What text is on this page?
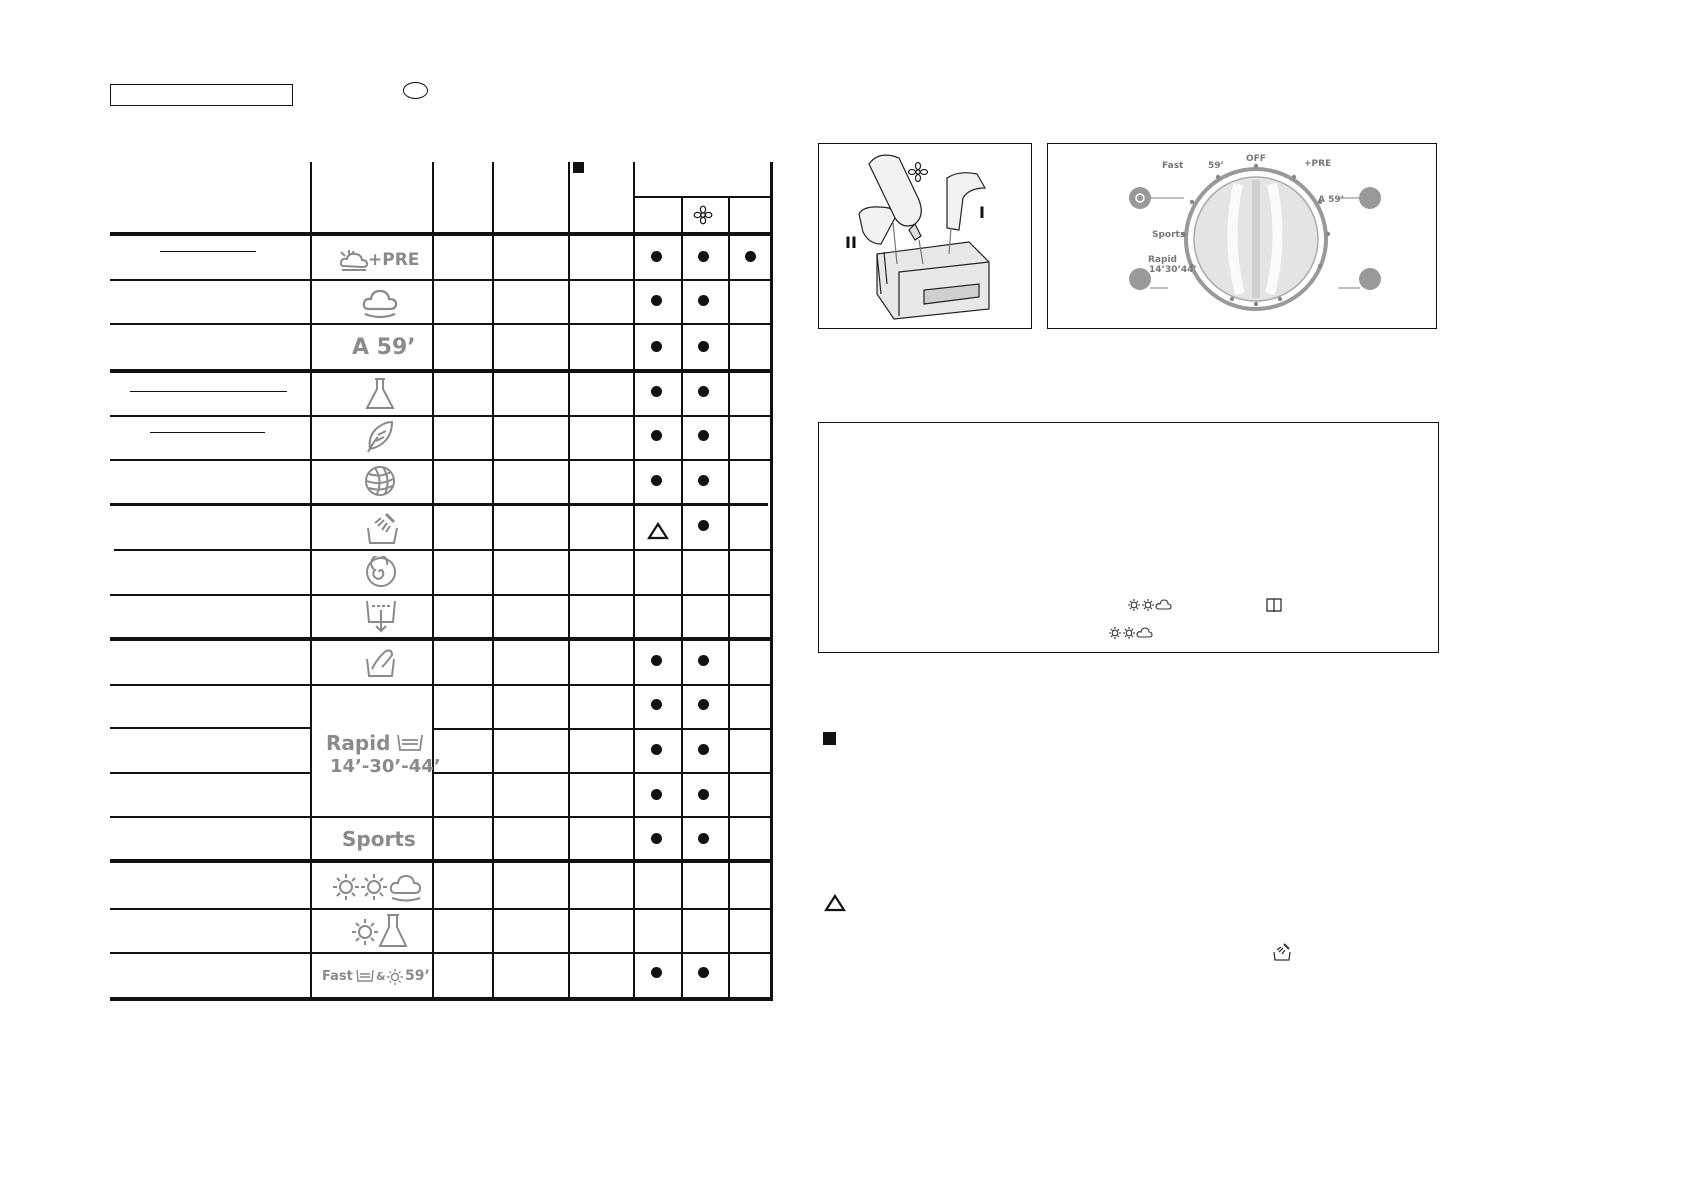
+PRE
A 59’
Rapid
14’-30’-44’
Sports
Fast & 59’
I
II
OFF
Fast	59’	+PRE
A 59’
Sports
Rapid
14’30’44’
